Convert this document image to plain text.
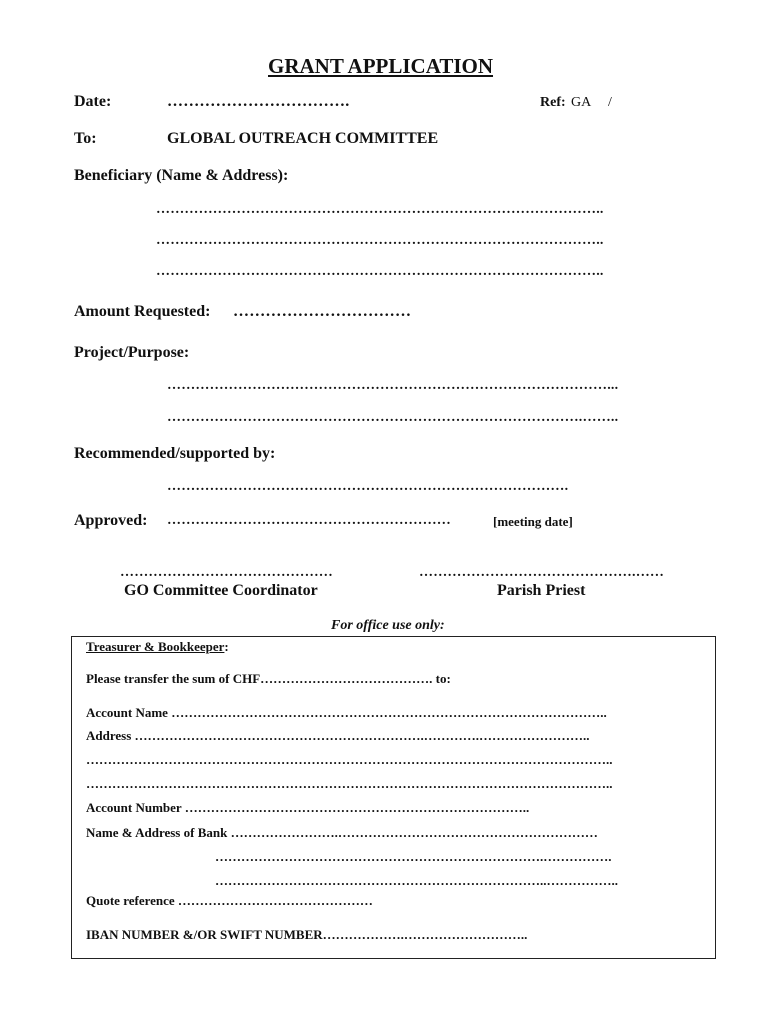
GRANT APPLICATION
Date:	…………………………….	Ref: GA     /
To:	GLOBAL OUTREACH COMMITTEE
Beneficiary (Name & Address):
…………………………………………………………………………………..
…………………………………………………………………………………..
…………………………………………………………………………………..
Amount Requested: ……………………………
Project/Purpose:
…………………………………………………………………………………...
…………………………………………………………………………….……..
Recommended/supported by:
………………………………………………………………………….
Approved: ……………………………………………………	[meeting date]
………………………………………
GO Committee Coordinator
……………………………………….……
Parish Priest
For office use only:
Treasurer & Bookkeeper:
Please transfer the sum of CHF…………………………………. to:
Account Name ………………………………………………………………………………………..
Address ………………………………………………………….………….……………………..
…………………………………………………………………………………………………………..
…………………………………………………………………………………………………………..
Account Number ……………………………………………………………………..
Name & Address of Bank …………………….……………………………………………………
………………………………………………………………….…………….
…………………………………………………………………..……………..
Quote reference ………………………………………
IBAN NUMBER &/OR SWIFT NUMBER……………….………………………..
